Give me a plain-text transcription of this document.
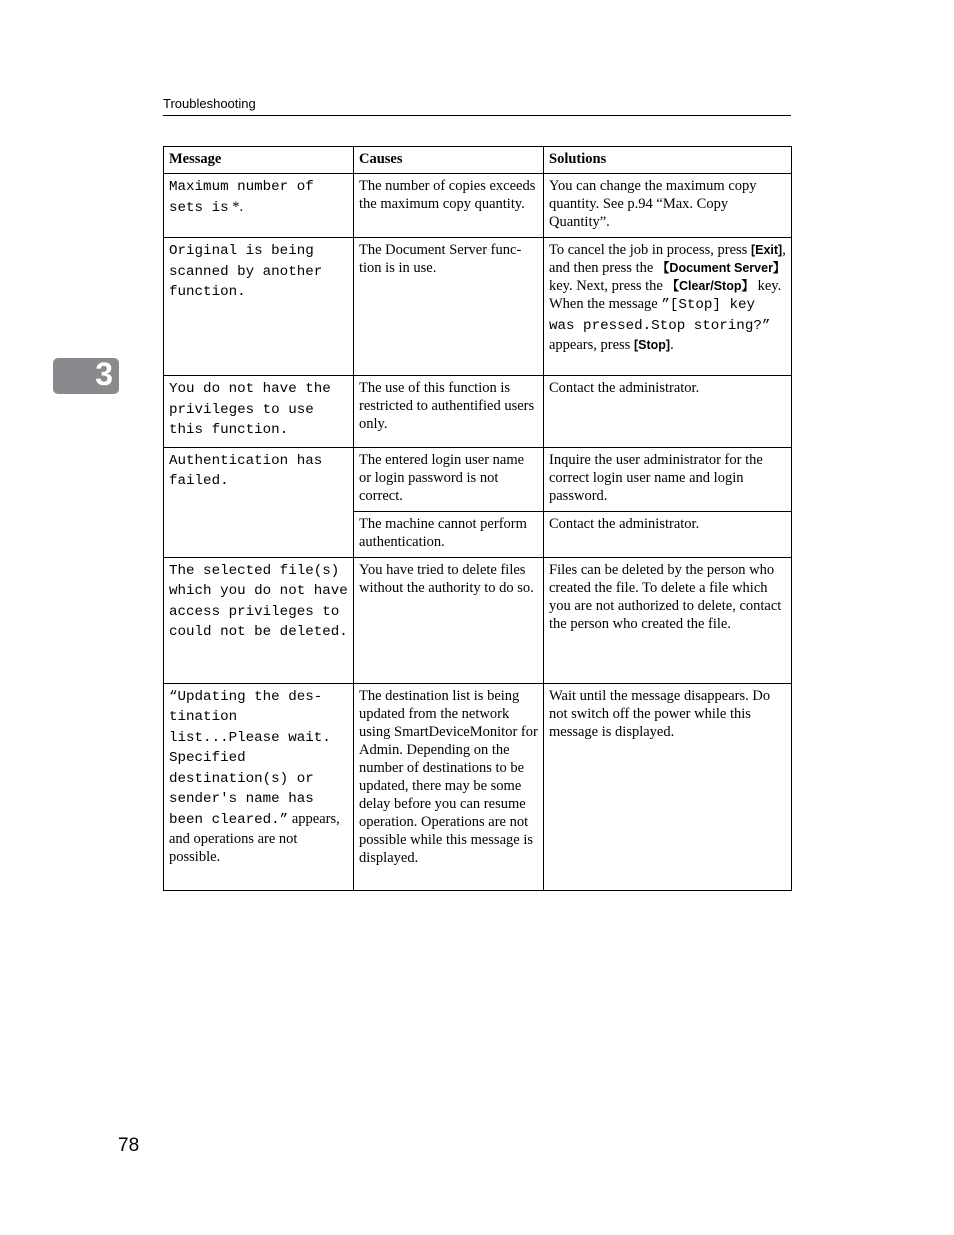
Troubleshooting
3
Message	Causes	Solutions
Maximum number of sets is *.	The number of copies exceeds the maximum copy quantity.	You can change the maximum copy quantity. See p.94 “Max. Copy Quantity”.
Original is being scanned by another function.	The Document Server function is in use.	To cancel the job in process, press [Exit], and then press the 【Document Server】 key. Next, press the 【Clear/Stop】 key. When the message ”[Stop] key was pressed.Stop storing?” appears, press [Stop].
You do not have the privileges to use this function.	The use of this function is restricted to authentified users only.	Contact the administrator.
Authentication has failed.	The entered login user name or login password is not correct.	Inquire the user administrator for the correct login user name and login password.
	The machine cannot perform authentication.	Contact the administrator.
The selected file(s) which you do not have access privileges to could not be deleted.	You have tried to delete files without the authority to do so.	Files can be deleted by the person who created the file. To delete a file which you are not authorized to delete, contact the person who created the file.
“Updating the destination list...Please wait. Specified destination(s) or sender's name has been cleared.” appears, and operations are not possible.	The destination list is being updated from the network using SmartDeviceMonitor for Admin. Depending on the number of destinations to be updated, there may be some delay before you can resume operation. Operations are not possible while this message is displayed.	Wait until the message disappears. Do not switch off the power while this message is displayed.
78
